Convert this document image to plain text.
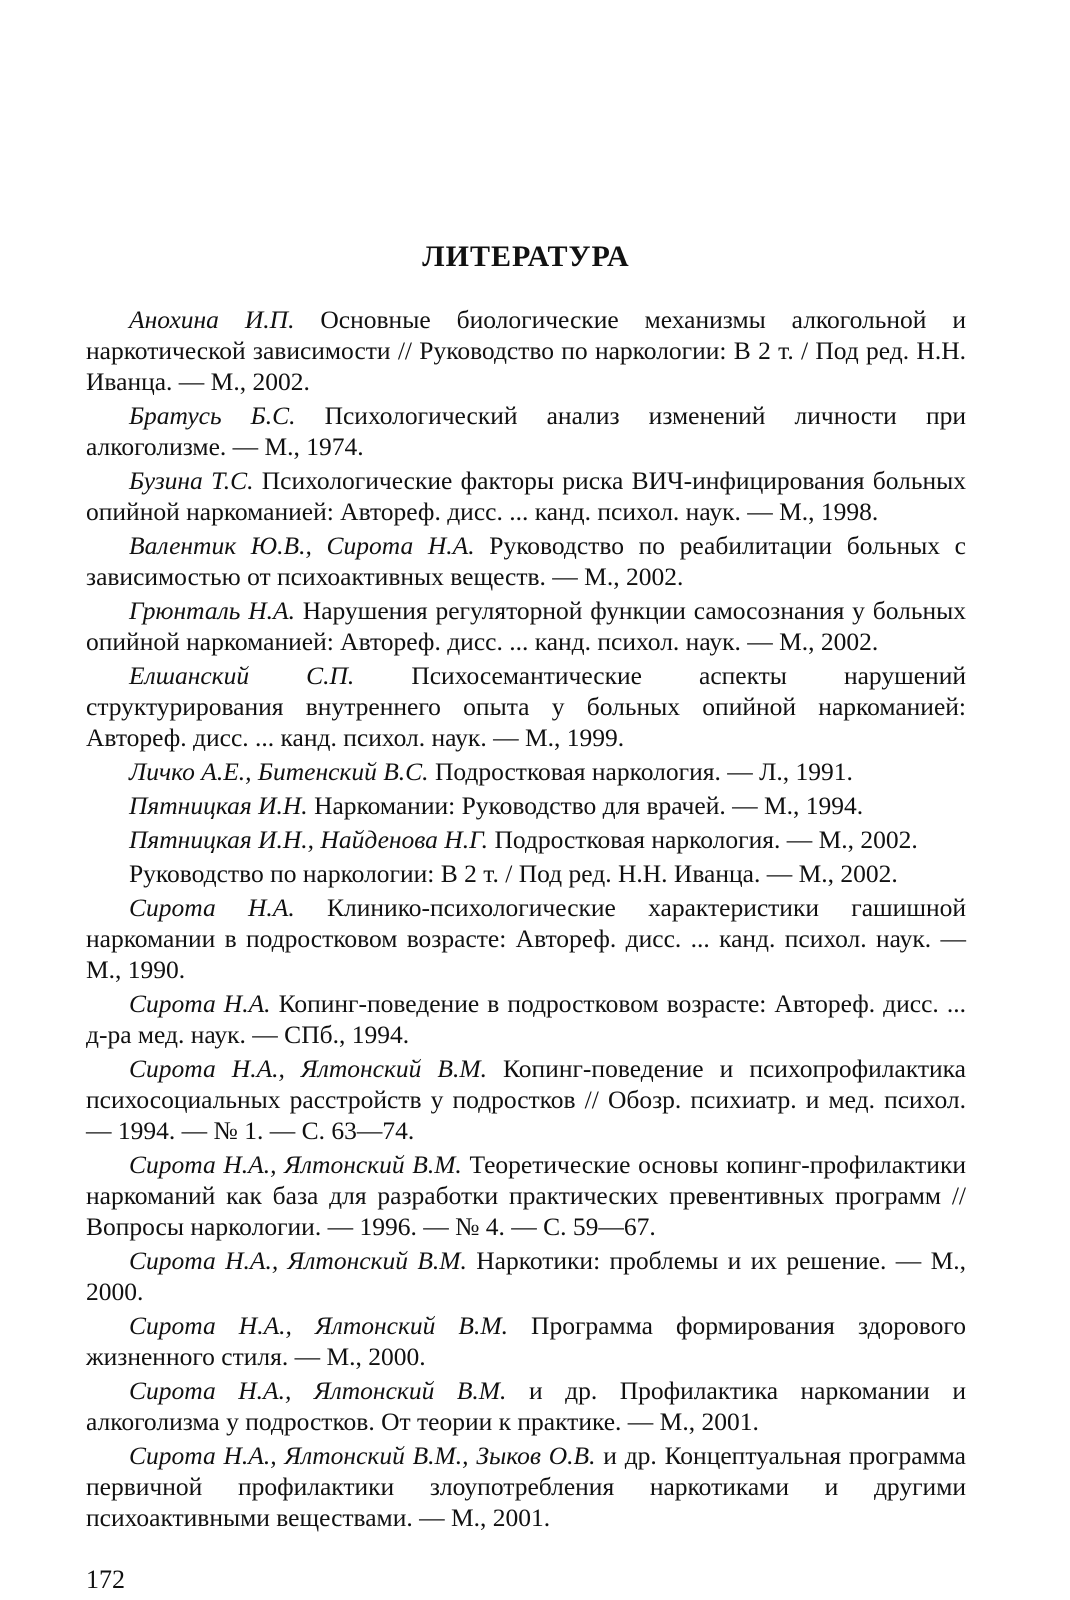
ЛИТЕРАТУРА
Анохина И.П. Основные биологические механизмы алкогольной и наркотической зависимости // Руководство по наркологии: В 2 т. / Под ред. Н.Н. Иванца. — М., 2002.
Братусь Б.С. Психологический анализ изменений личности при алкоголизме. — М., 1974.
Бузина Т.С. Психологические факторы риска ВИЧ-инфицирования больных опийной наркоманией: Автореф. дисс. ... канд. психол. наук. — М., 1998.
Валентик Ю.В., Сирота Н.А. Руководство по реабилитации больных с зависимостью от психоактивных веществ. — М., 2002.
Грюнталь Н.А. Нарушения регуляторной функции самосознания у больных опийной наркоманией: Автореф. дисс. ... канд. психол. наук. — М., 2002.
Елшанский С.П. Психосемантические аспекты нарушений структурирования внутреннего опыта у больных опийной наркоманией: Автореф. дисс. ... канд. психол. наук. — М., 1999.
Личко А.Е., Битенский В.С. Подростковая наркология. — Л., 1991.
Пятницкая И.Н. Наркомании: Руководство для врачей. — М., 1994.
Пятницкая И.Н., Найденова Н.Г. Подростковая наркология. — М., 2002.
Руководство по наркологии: В 2 т. / Под ред. Н.Н. Иванца. — М., 2002.
Сирота Н.А. Клинико-психологические характеристики гашишной наркомании в подростковом возрасте: Автореф. дисс. ... канд. психол. наук. — М., 1990.
Сирота Н.А. Копинг-поведение в подростковом возрасте: Автореф. дисс. ... д-ра мед. наук. — СПб., 1994.
Сирота Н.А., Ялтонский В.М. Копинг-поведение и психопрофилактика психосоциальных расстройств у подростков // Обозр. психиатр. и мед. психол. — 1994. — № 1. — С. 63—74.
Сирота Н.А., Ялтонский В.М. Теоретические основы копинг-профилактики наркоманий как база для разработки практических превентивных программ // Вопросы наркологии. — 1996. — № 4. — С. 59—67.
Сирота Н.А., Ялтонский В.М. Наркотики: проблемы и их решение. — М., 2000.
Сирота Н.А., Ялтонский В.М. Программа формирования здорового жизненного стиля. — М., 2000.
Сирота Н.А., Ялтонский В.М. и др. Профилактика наркомании и алкоголизма у подростков. От теории к практике. — М., 2001.
Сирота Н.А., Ялтонский В.М., Зыков О.В. и др. Концептуальная программа первичной профилактики злоупотребления наркотиками и другими психоактивными веществами. — М., 2001.
172
